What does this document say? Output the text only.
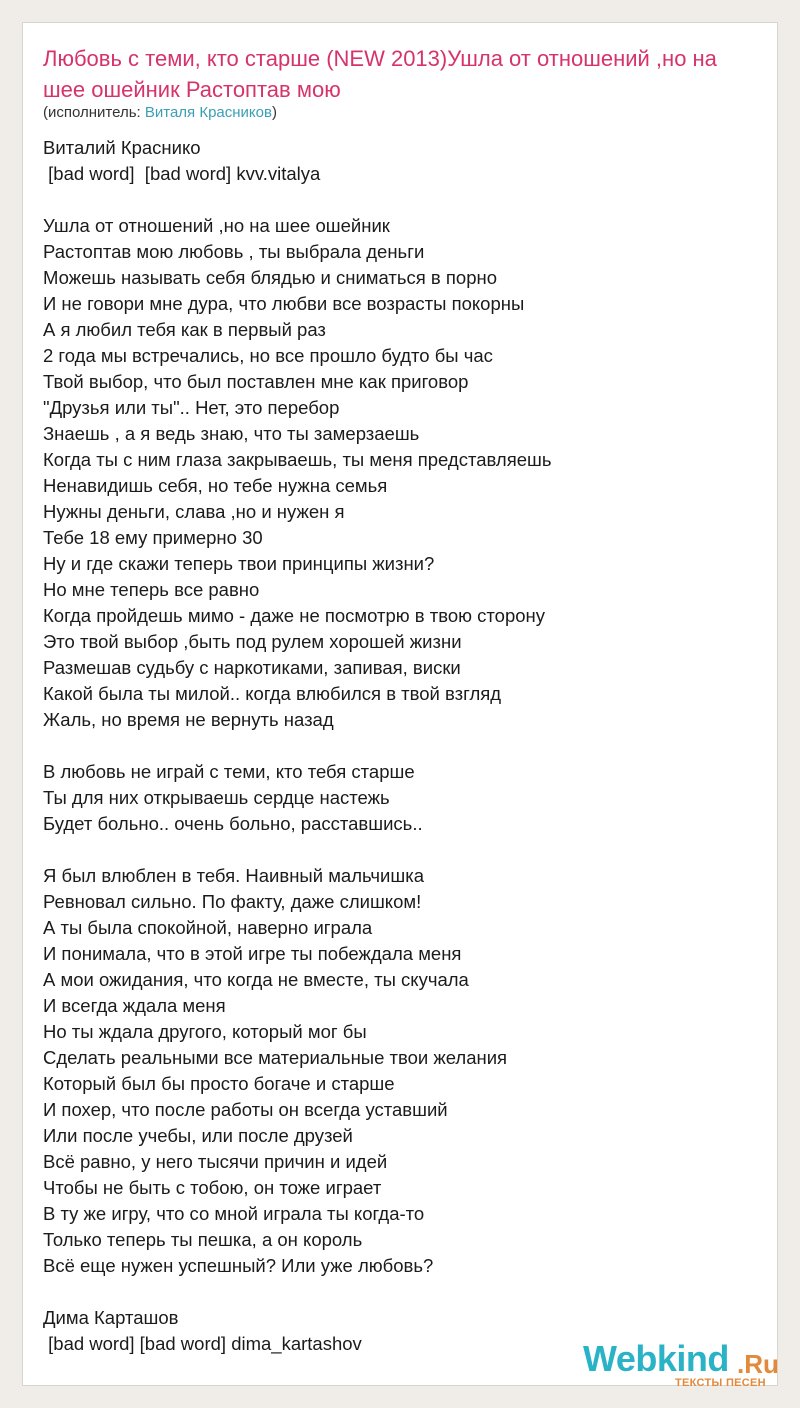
Любовь с теми, кто старше (NEW 2013)Ушла от отношений ,но на шее ошейник Растоптав мою
(исполнитель: Виталя Красников)
Виталий Краснико
[bad word]  [bad word] kvv.vitalya
Ушла от отношений ,но на шее ошейник
Растоптав мою любовь , ты выбрала деньги
Можешь называть себя блядью и сниматься в порно
И не говори мне дура, что любви все возрасты покорны
А я любил тебя как в первый раз
2 года мы встречались, но все прошло будто бы час
Твой выбор, что был поставлен мне как приговор
"Друзья или ты".. Нет, это перебор
Знаешь , а я ведь знаю, что ты замерзаешь
Когда ты с ним глаза закрываешь, ты меня представляешь
Ненавидишь себя, но тебе нужна семья
Нужны деньги, слава ,но и нужен я
Тебе 18 ему примерно 30
Ну и где скажи теперь твои принципы жизни?
Но мне теперь все равно
Когда пройдешь мимо - даже не посмотрю в твою сторону
Это твой выбор ,быть под рулем хорошей жизни
Размешав судьбу с наркотиками, запивая, виски
Какой была ты милой.. когда влюбился в твой взгляд
Жаль, но время не вернуть назад
В любовь не играй с теми, кто тебя старше
Ты для них открываешь сердце настежь
Будет больно.. очень больно, расставшись..
Я был влюблен в тебя. Наивный мальчишка
Ревновал сильно. По факту, даже слишком!
А ты была спокойной, наверно играла
И понимала, что в этой игре ты побеждала меня
А мои ожидания, что когда не вместе, ты скучала
И всегда ждала меня
Но ты ждала другого, который мог бы
Сделать реальными все материальные твои желания
Который был бы просто богаче и старше
И похер, что после работы он всегда уставший
Или после учебы, или после друзей
Всё равно, у него тысячи причин и идей
Чтобы не быть с тобою, он тоже играет
В ту же игру, что со мной играла ты когда-то
Только теперь ты пешка, а он король
Всё еще нужен успешный? Или уже любовь?
Дима Карташов
[bad word] [bad word] dima_kartashov	Webkind .Ru
ТЕКСТЫ ПЕСЕН
